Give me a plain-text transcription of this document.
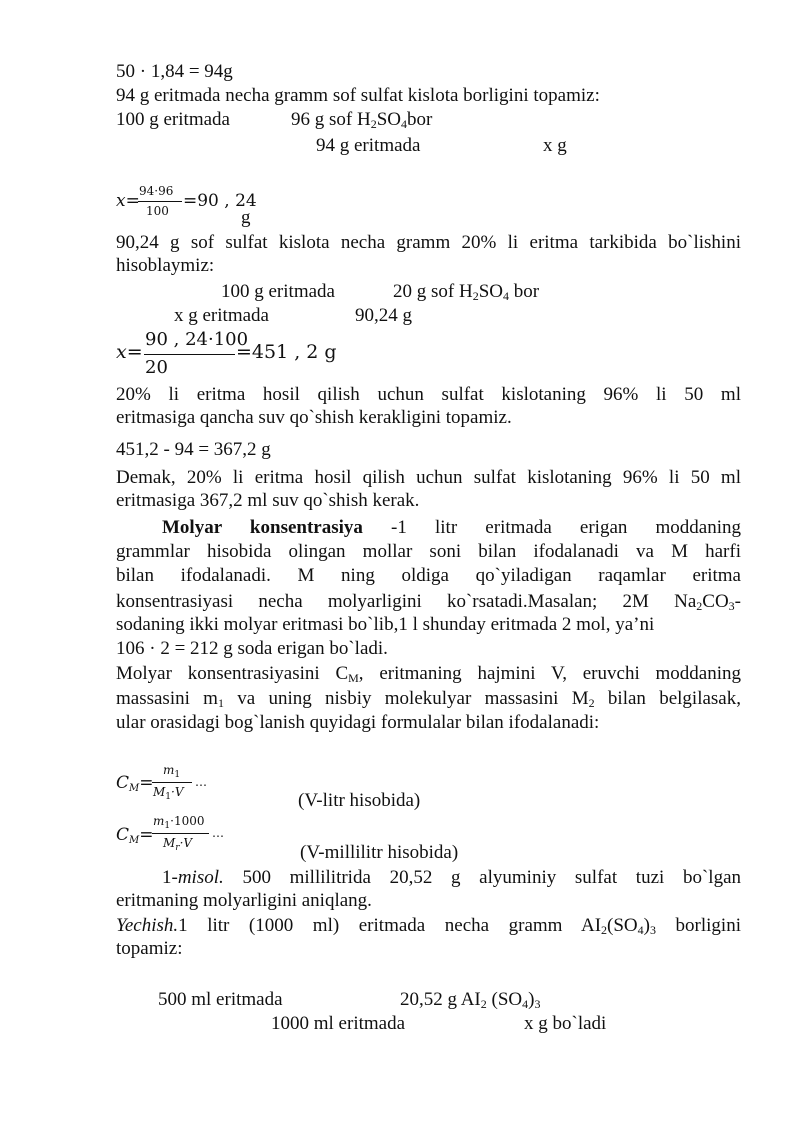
50 · 1,84 = 94g
94 g eritmada necha gramm sof sulfat kislota borligini topamiz:
100 g eritmada	96 g sof $H_2SO_4bor$
94 g eritmada	x g
x= 94·96
100 =90 , 24
g
90,24 g sof sulfat kislota necha gramm 20% li eritma tarkibida bo`lishini
hisoblaymiz:
100 g eritmada	20 g sof $H_2SO_4$ bor
x g eritmada	90,24 g
x=
90 , 24·100
20
=451 , 2 g
20% li eritma hosil qilish uchun sulfat kislotaning 96% li 50 ml
eritmasiga qancha suv qo`shish kerakligini topamiz.
451,2 - 94 = 367,2 g
Demak, 20% li eritma hosil qilish uchun sulfat kislotaning 96% li 50 ml
eritmasiga 367,2 ml suv qo`shish kerak.
Molyar konsentrasiya -1 litr eritmada erigan moddaning
grammlar hisobida olingan mollar soni bilan ifodalanadi va M harfi
bilan ifodalanadi. M ning oldiga qo`yiladigan raqamlar eritma
konsentrasiyasi necha molyarligini ko`rsatadi.Masalan; 2M $Na_2CO_3-$
sodaning ikki molyar eritmasi bo`lib,1 l shunday eritmada 2 mol, ya’ni
106 · 2 = 212 g soda erigan bo`ladi.
Molyar konsentrasiyasini $C_M$, eritmaning hajmini V, eruvchi moddaning
massasini $m_1$ va uning nisbiy molekulyar massasini $M_2$ bilan belgilasak,
ular orasidagi bog`lanish quyidagi formulalar bilan ifodalanadi:
$C_M=$
$m_1$
$M_1\cdot V$
…
(V-litr hisobida)
$C_M=$
$m_1\cdot 1000$
$M_r\cdot V$
…
(V-millilitr hisobida)
1-misol. 500 millilitrida 20,52 g alyuminiy sulfat tuzi bo`lgan
eritmaning molyarligini aniqlang.
Yechish.1 litr (1000 ml) eritmada necha gramm $AI_2(SO_4)_3$ borligini
topamiz:
500 ml eritmada	20,52 g $AI_2$ $(SO_4)_3$
1000 ml eritmada	x g bo`ladi
